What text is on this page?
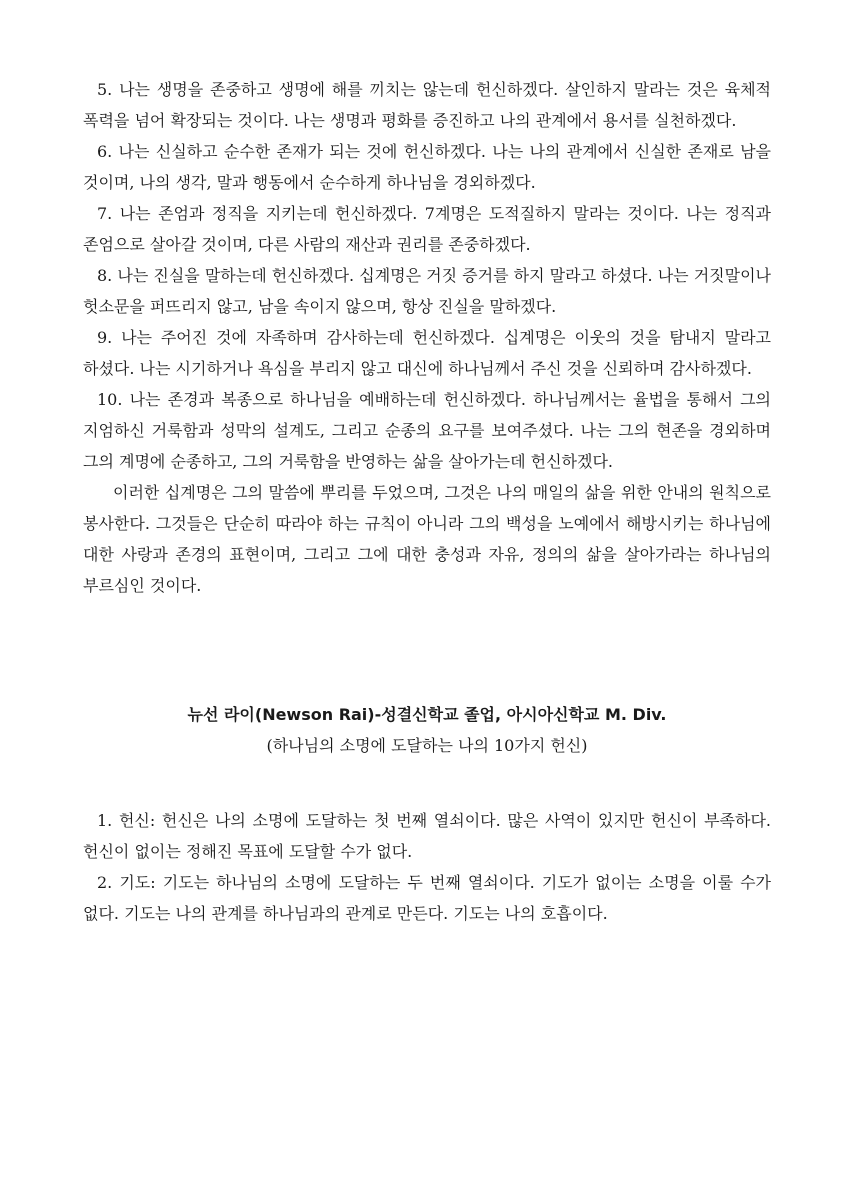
5. 나는 생명을 존중하고 생명에 해를 끼치는 않는데 헌신하겠다. 살인하지 말라는 것은 육체적 폭력을 넘어 확장되는 것이다. 나는 생명과 평화를 증진하고 나의 관계에서 용서를 실천하겠다.

6. 나는 신실하고 순수한 존재가 되는 것에 헌신하겠다. 나는 나의 관계에서 신실한 존재로 남을 것이며, 나의 생각, 말과 행동에서 순수하게 하나님을 경외하겠다.

7. 나는 존엄과 정직을 지키는데 헌신하겠다. 7계명은 도적질하지 말라는 것이다. 나는 정직과 존엄으로 살아갈 것이며, 다른 사람의 재산과 권리를 존중하겠다.

8. 나는 진실을 말하는데 헌신하겠다. 십계명은 거짓 증거를 하지 말라고 하셨다. 나는 거짓말이나 헛소문을 퍼뜨리지 않고, 남을 속이지 않으며, 항상 진실을 말하겠다.

9. 나는 주어진 것에 자족하며 감사하는데 헌신하겠다. 십계명은 이웃의 것을 탐내지 말라고 하셨다. 나는 시기하거나 욕심을 부리지 않고 대신에 하나님께서 주신 것을 신뢰하며 감사하겠다.

10. 나는 존경과 복종으로 하나님을 예배하는데 헌신하겠다. 하나님께서는 율법을 통해서 그의 지엄하신 거룩함과 성막의 설계도, 그리고 순종의 요구를 보여주셨다. 나는 그의 현존을 경외하며 그의 계명에 순종하고, 그의 거룩함을 반영하는 삶을 살아가는데 헌신하겠다.

이러한 십계명은 그의 말씀에 뿌리를 두었으며, 그것은 나의 매일의 삶을 위한 안내의 원칙으로 봉사한다. 그것들은 단순히 따라야 하는 규칙이 아니라 그의 백성을 노예에서 해방시키는 하나님에 대한 사랑과 존경의 표현이며, 그리고 그에 대한 충성과 자유, 정의의 삶을 살아가라는 하나님의 부르심인 것이다.

뉴선 라이(Newson Rai)-성결신학교 졸업, 아시아신학교 M. Div.

(하나님의 소명에 도달하는 나의 10가지 헌신)

1. 헌신: 헌신은 나의 소명에 도달하는 첫 번째 열쇠이다. 많은 사역이 있지만 헌신이 부족하다. 헌신이 없이는 정해진 목표에 도달할 수가 없다.

2. 기도: 기도는 하나님의 소명에 도달하는 두 번째 열쇠이다. 기도가 없이는 소명을 이룰 수가 없다. 기도는 나의 관계를 하나님과의 관계로 만든다. 기도는 나의 호흡이다.
